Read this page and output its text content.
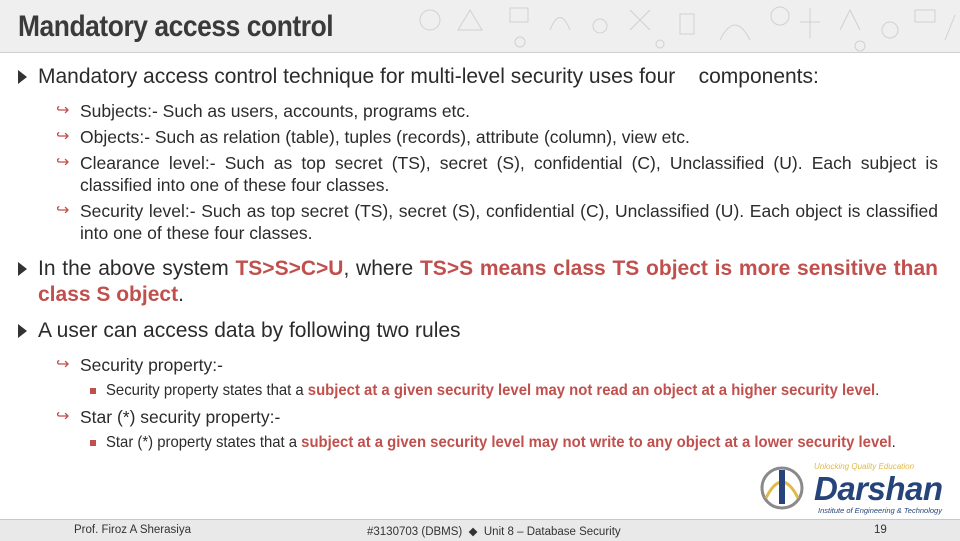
Mandatory access control
Mandatory access control technique for multi-level security uses four    components:
↪ Subjects:- Such as users, accounts, programs etc.
↪ Objects:- Such as relation (table), tuples (records), attribute (column), view etc.
↪ Clearance level:- Such as top secret (TS), secret (S), confidential (C), Unclassified (U). Each subject is classified into one of these four classes.
↪ Security level:- Such as top secret (TS), secret (S), confidential (C), Unclassified (U). Each object is classified into one of these four classes.
In the above system TS>S>C>U, where TS>S means class TS object is more sensitive than class S object.
A user can access data by following two rules
↪ Security property:-
Security property states that a subject at a given security level may not read an object at a higher security level.
↪ Star (*) security property:-
Star (*) property states that a subject at a given security level may not write to any object at a lower security level.
Unlocking Quality Education
Darshan
Institute of Engineering & Technology
Prof. Firoz A Sherasiya	#3130703 (DBMS)  ◆  Unit 8 – Database Security	19
